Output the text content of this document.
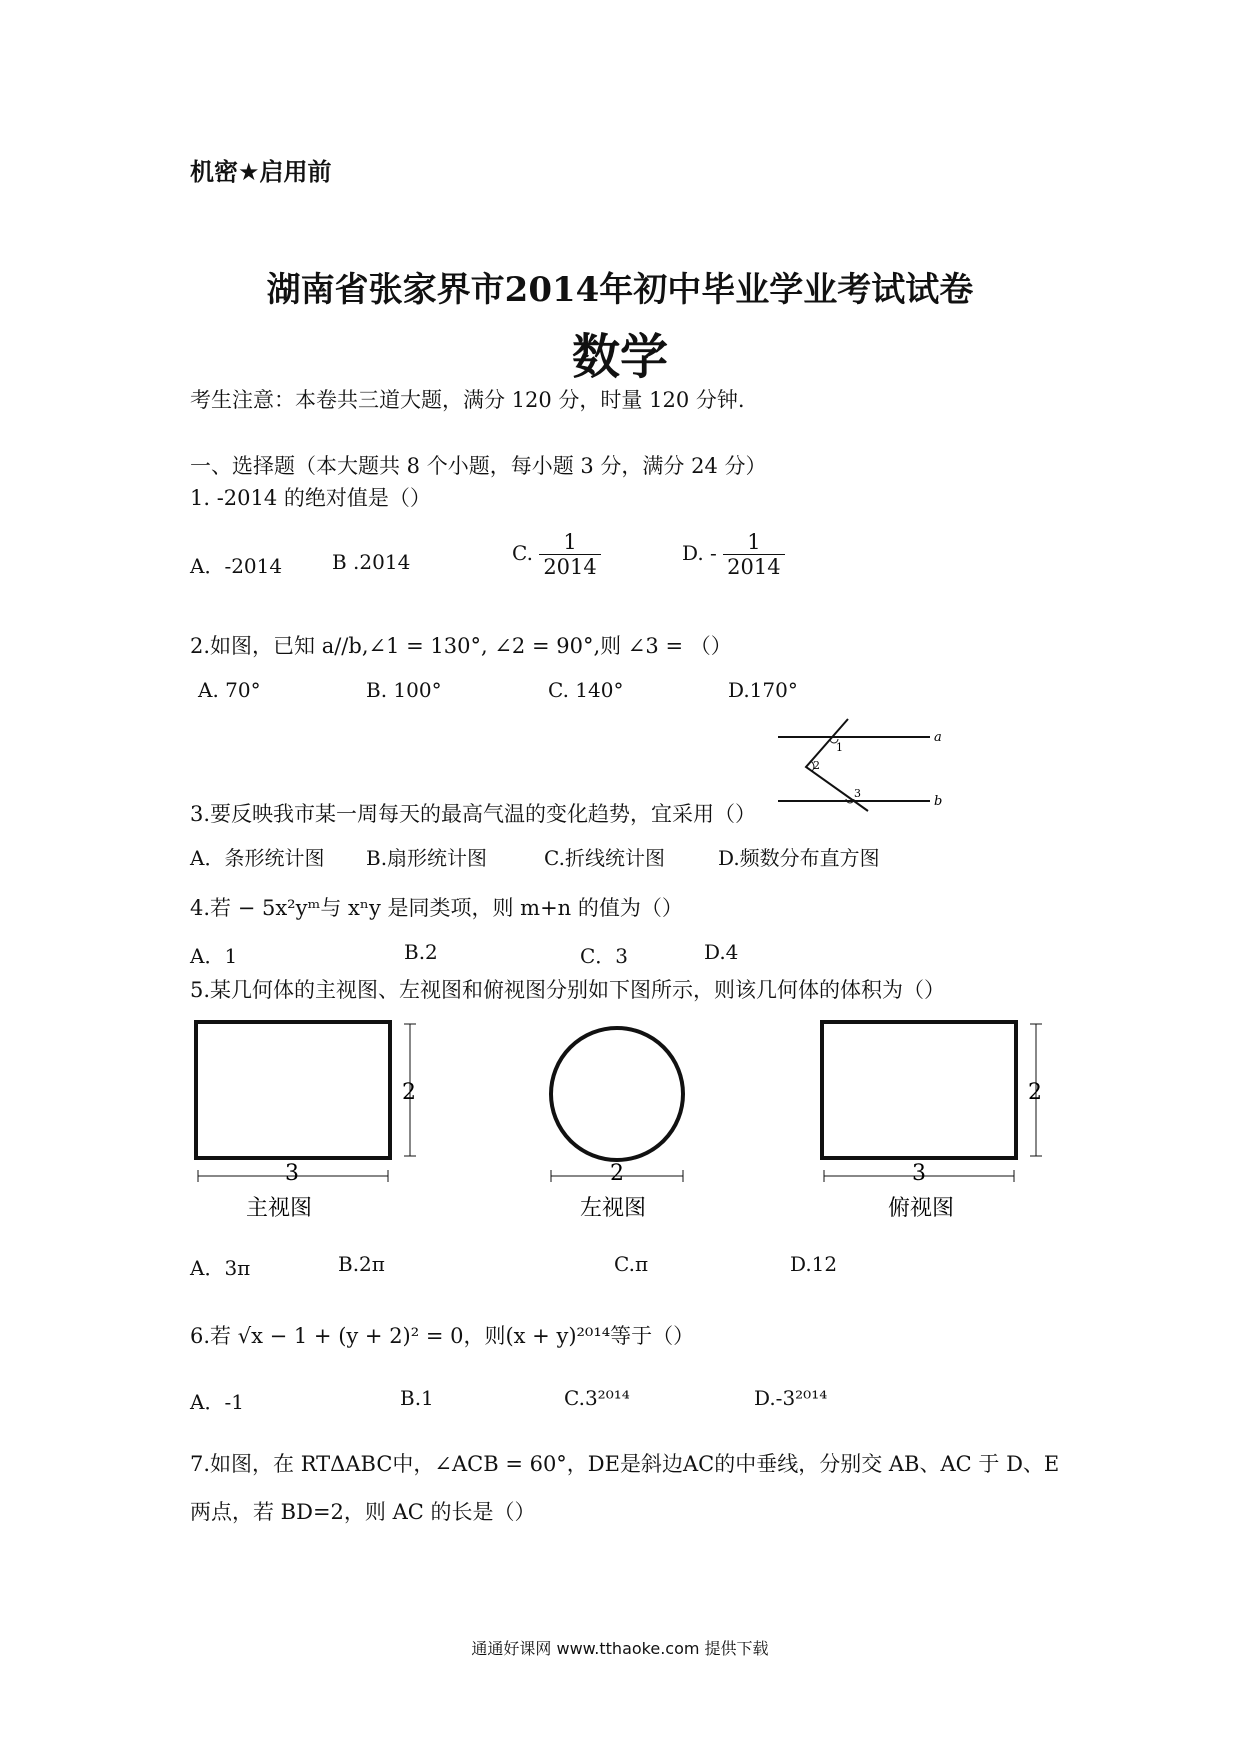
机密★启用前
湖南省张家界市2014年初中毕业学业考试试卷
数学
考生注意：本卷共三道大题，满分 120 分，时量 120 分钟.
一、选择题（本大题共 8 个小题，每小题 3 分，满分 24 分）
1. -2014 的绝对值是（）
A．-2014 B .2014	C. $\frac{1}{2014}$	D. - $\frac{1}{2014}$
2.如图，已知 a//b,∠1 = 130°, ∠2 = 90°,则 ∠3 = （）
A. 70°	B. 100°	C. 140°	D.170°
1
2
3
a
b
3.要反映我市某一周每天的最高气温的变化趋势，宜采用（）
A．条形统计图 B.扇形统计图	C.折线统计图	D.频数分布直方图
4.若 − 5x²yᵐ与 xⁿy 是同类项，则 m+n 的值为（）
A．1	B.2	C．3	D.4
5.某几何体的主视图、左视图和俯视图分别如下图所示，则该几何体的体积为（）
2
3
主视图
2
左视图
2
3
俯视图
A．3π	B.2π	C.π	D.12
6.若 √x − 1 + (y + 2)² = 0，则(x + y)²⁰¹⁴等于（）
A．-1	B.1	C.3²⁰¹⁴	D.-3²⁰¹⁴
7.如图，在 RTΔABC中，∠ACB = 60°，DE是斜边AC的中垂线，分别交 AB、AC 于 D、E
两点，若 BD=2，则 AC 的长是（）
通通好课网 www.tthaoke.com 提供下载
